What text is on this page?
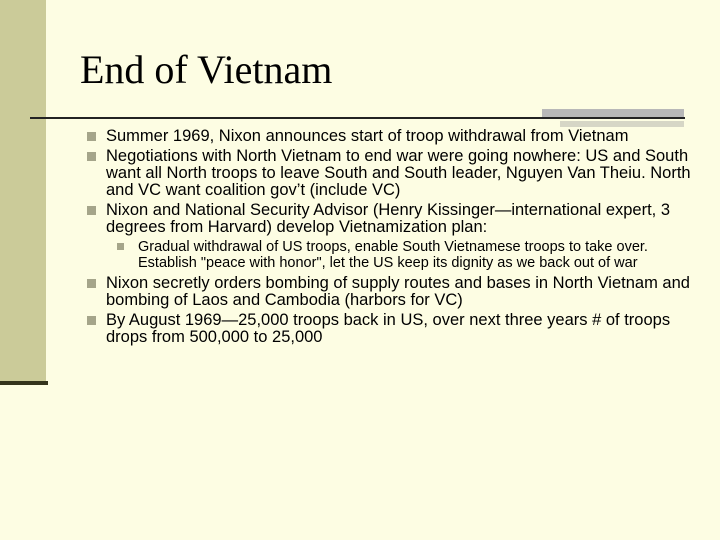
End of Vietnam
Summer 1969, Nixon announces start of troop withdrawal from Vietnam
Negotiations with North Vietnam to end war were going nowhere: US and South want all North troops to leave South and South leader, Nguyen Van Theiu. North and VC want coalition gov’t (include VC)
Nixon and National Security Advisor (Henry Kissinger—international expert, 3 degrees from Harvard) develop Vietnamization plan:
Gradual withdrawal of US troops, enable South Vietnamese troops to take over. Establish "peace with honor", let the US keep its dignity as we back out of war
Nixon secretly orders bombing of supply routes and bases in North Vietnam and bombing of Laos and Cambodia (harbors for VC)
By August 1969—25,000 troops back in US, over next three years # of troops drops from 500,000 to 25,000
